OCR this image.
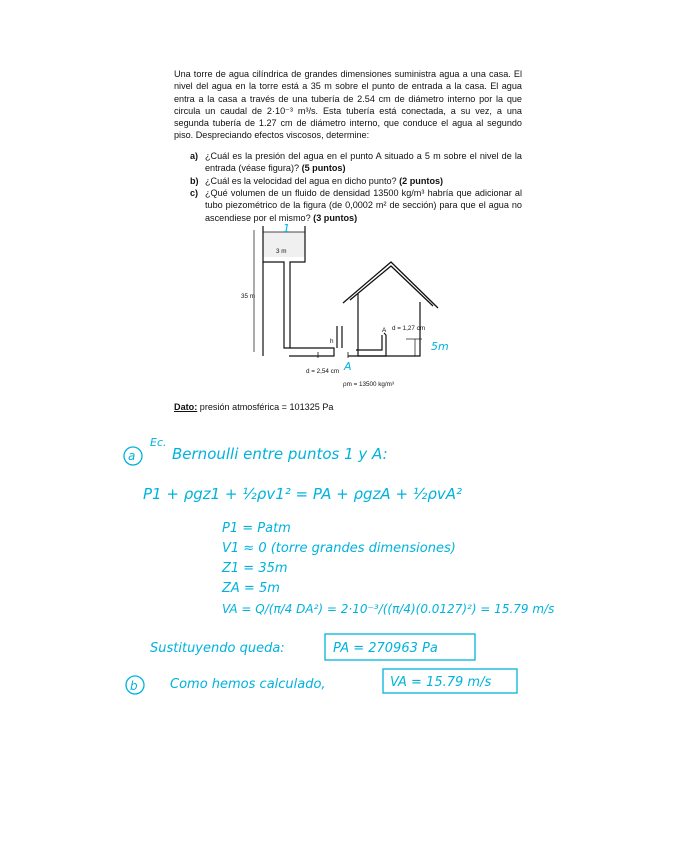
Una torre de agua cilíndrica de grandes dimensiones suministra agua a una casa. El nivel del agua en la torre está a 35 m sobre el punto de entrada a la casa. El agua entra a la casa a través de una tubería de 2.54 cm de diámetro interno por la que circula un caudal de 2·10⁻³ m³/s. Esta tubería está conectada, a su vez, a una segunda tubería de 1.27 cm de diámetro interno, que conduce el agua al segundo piso. Despreciando efectos viscosos, determine:
a) ¿Cuál es la presión del agua en el punto A situado a 5 m sobre el nivel de la entrada (véase figura)? (5 puntos)
b) ¿Cuál es la velocidad del agua en dicho punto? (2 puntos)
c) ¿Qué volumen de un fluido de densidad 13500 kg/m³ habría que adicionar al tubo piezométrico de la figura (de 0,0002 m² de sección) para que el agua no ascendiese por el mismo? (3 puntos)
Dato: presión atmosférica = 101325 Pa
3 m
35 m
h
A d = 1,27 cm
d = 2,54 cm
ρm = 13500 kg/m³
1
A
5m
a
Ec.
Bernoulli entre puntos 1 y A:
P1 + ρgz1 + ½ρv1² = PA + ρgzA + ½ρvA²
P1 = Patm
V1 ≈ 0 (torre grandes dimensiones)
Z1 = 35m
ZA = 5m
VA = Q/(π/4 DA²) = 2·10⁻³/((π/4)(0.0127)²) = 15.79 m/s
Sustituyendo queda:	PA = 270963 Pa
b Como hemos calculado,	VA = 15.79 m/s
